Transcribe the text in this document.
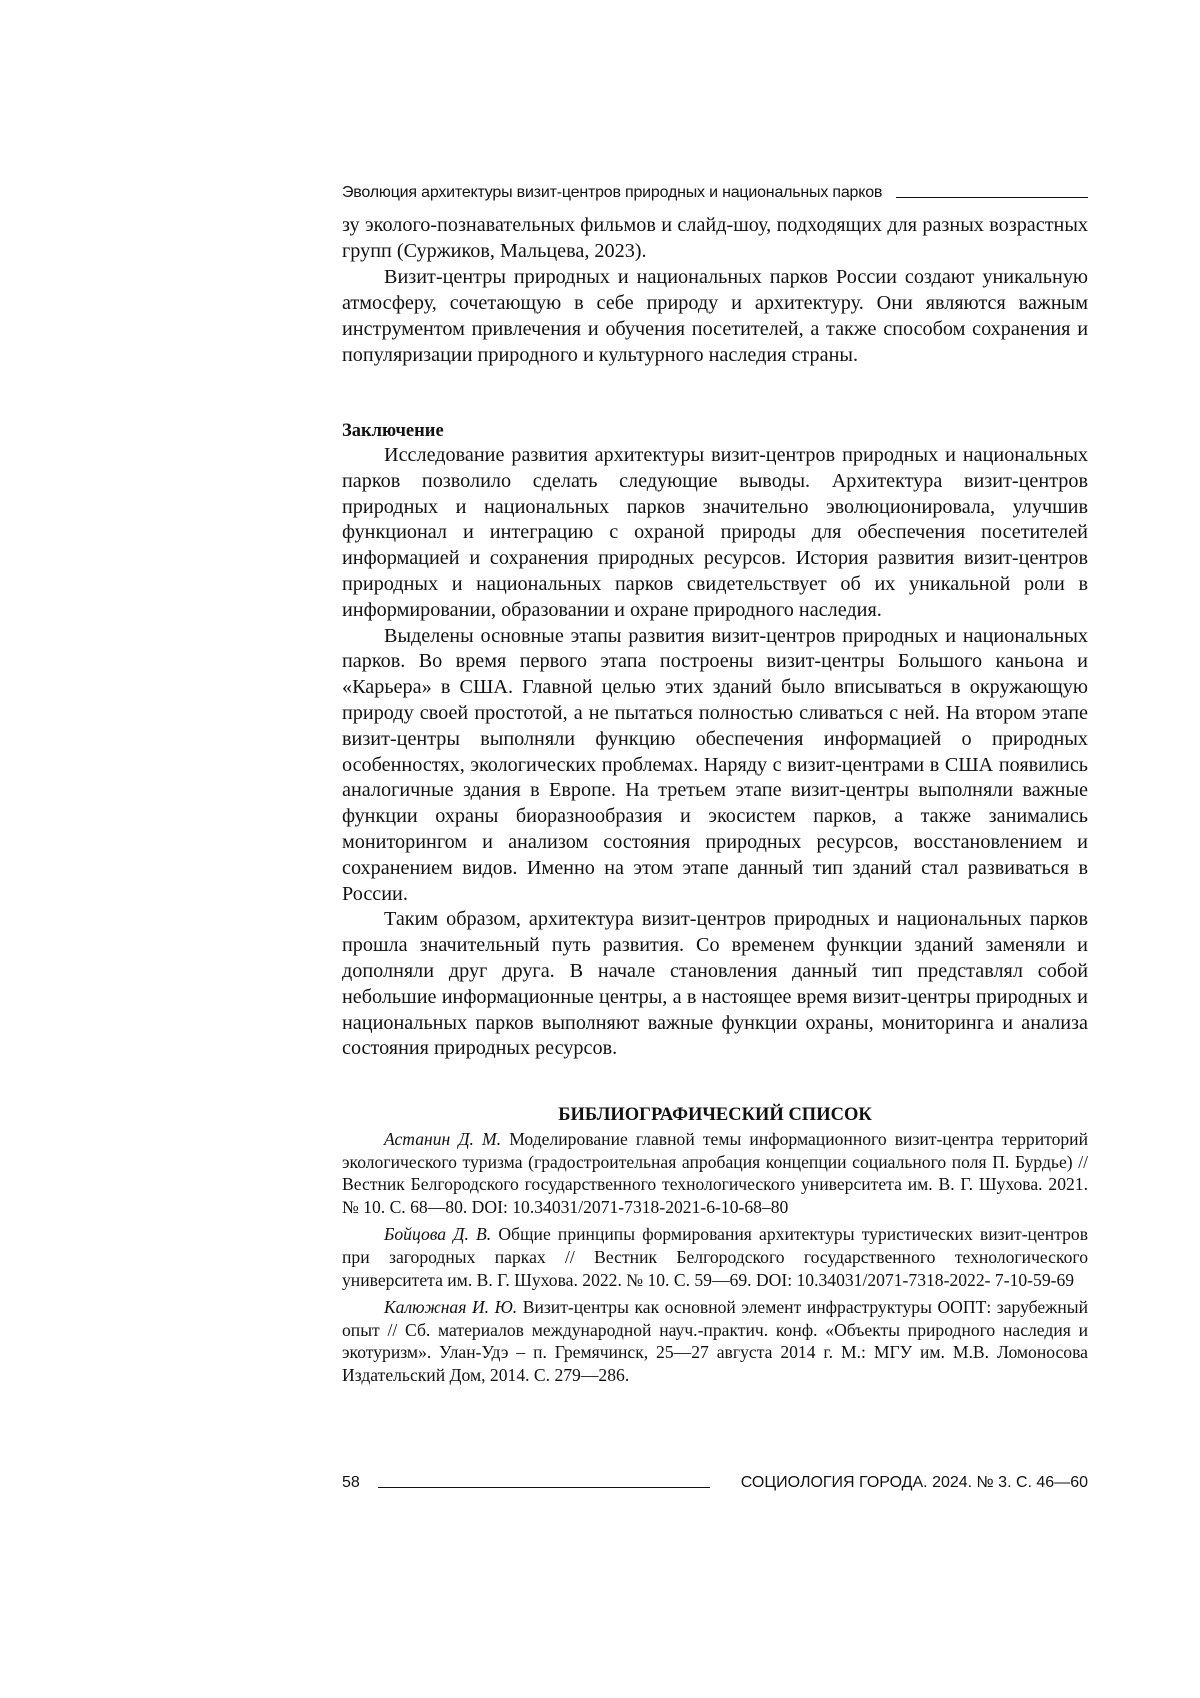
Эволюция архитектуры визит-центров природных и национальных парков

зу эколого-познавательных фильмов и слайд-шоу, подходящих для разных возрастных групп (Суржиков, Мальцева, 2023).

Визит-центры природных и национальных парков России создают уникальную атмосферу, сочетающую в себе природу и архитектуру. Они являются важным инструментом привлечения и обучения посетителей, а также способом сохранения и популяризации природного и культурного наследия страны.

Заключение

Исследование развития архитектуры визит-центров природных и национальных парков позволило сделать следующие выводы. Архитектура визит-центров природных и национальных парков значительно эволюционировала, улучшив функционал и интеграцию с охраной природы для обеспечения посетителей информацией и сохранения природных ресурсов. История развития визит-центров природных и национальных парков свидетельствует об их уникальной роли в информировании, образовании и охране природного наследия.

Выделены основные этапы развития визит-центров природных и национальных парков. Во время первого этапа построены визит-центры Большого каньона и «Карьера» в США. Главной целью этих зданий было вписываться в окружающую природу своей простотой, а не пытаться полностью сливаться с ней. На втором этапе визит-центры выполняли функцию обеспечения информацией о природных особенностях, экологических проблемах. Наряду с визит-центрами в США появились аналогичные здания в Европе. На третьем этапе визит-центры выполняли важные функции охраны биоразнообразия и экосистем парков, а также занимались мониторингом и анализом состояния природных ресурсов, восстановлением и сохранением видов. Именно на этом этапе данный тип зданий стал развиваться в России.

Таким образом, архитектура визит-центров природных и национальных парков прошла значительный путь развития. Со временем функции зданий заменяли и дополняли друг друга. В начале становления данный тип представлял собой небольшие информационные центры, а в настоящее время визит-центры природных и национальных парков выполняют важные функции охраны, мониторинга и анализа состояния природных ресурсов.

БИБЛИОГРАФИЧЕСКИЙ СПИСОК

Астанин Д. М. Моделирование главной темы информационного визит-центра территорий экологического туризма (градостроительная апробация концепции социального поля П. Бурдье) // Вестник Белгородского государственного технологического университета им. В. Г. Шухова. 2021. № 10. С. 68—80. DOI: 10.34031/2071-7318-2021-6-10-68–80

Бойцова Д. В. Общие принципы формирования архитектуры туристических визит-центров при загородных парках // Вестник Белгородского государственного технологического университета им. В. Г. Шухова. 2022. № 10. С. 59—69. DOI: 10.34031/2071-7318-2022- 7-10-59-69

Калюжная И. Ю. Визит-центры как основной элемент инфраструктуры ООПТ: зарубежный опыт // Сб. материалов международной науч.-практич. конф. «Объекты природного наследия и экотуризм». Улан-Удэ – п. Гремячинск, 25—27 августа 2014 г. М.: МГУ им. М.В. Ломоносова Издательский Дом, 2014. С. 279—286.

58	СОЦИОЛОГИЯ ГОРОДА. 2024. № 3. С. 46—60
